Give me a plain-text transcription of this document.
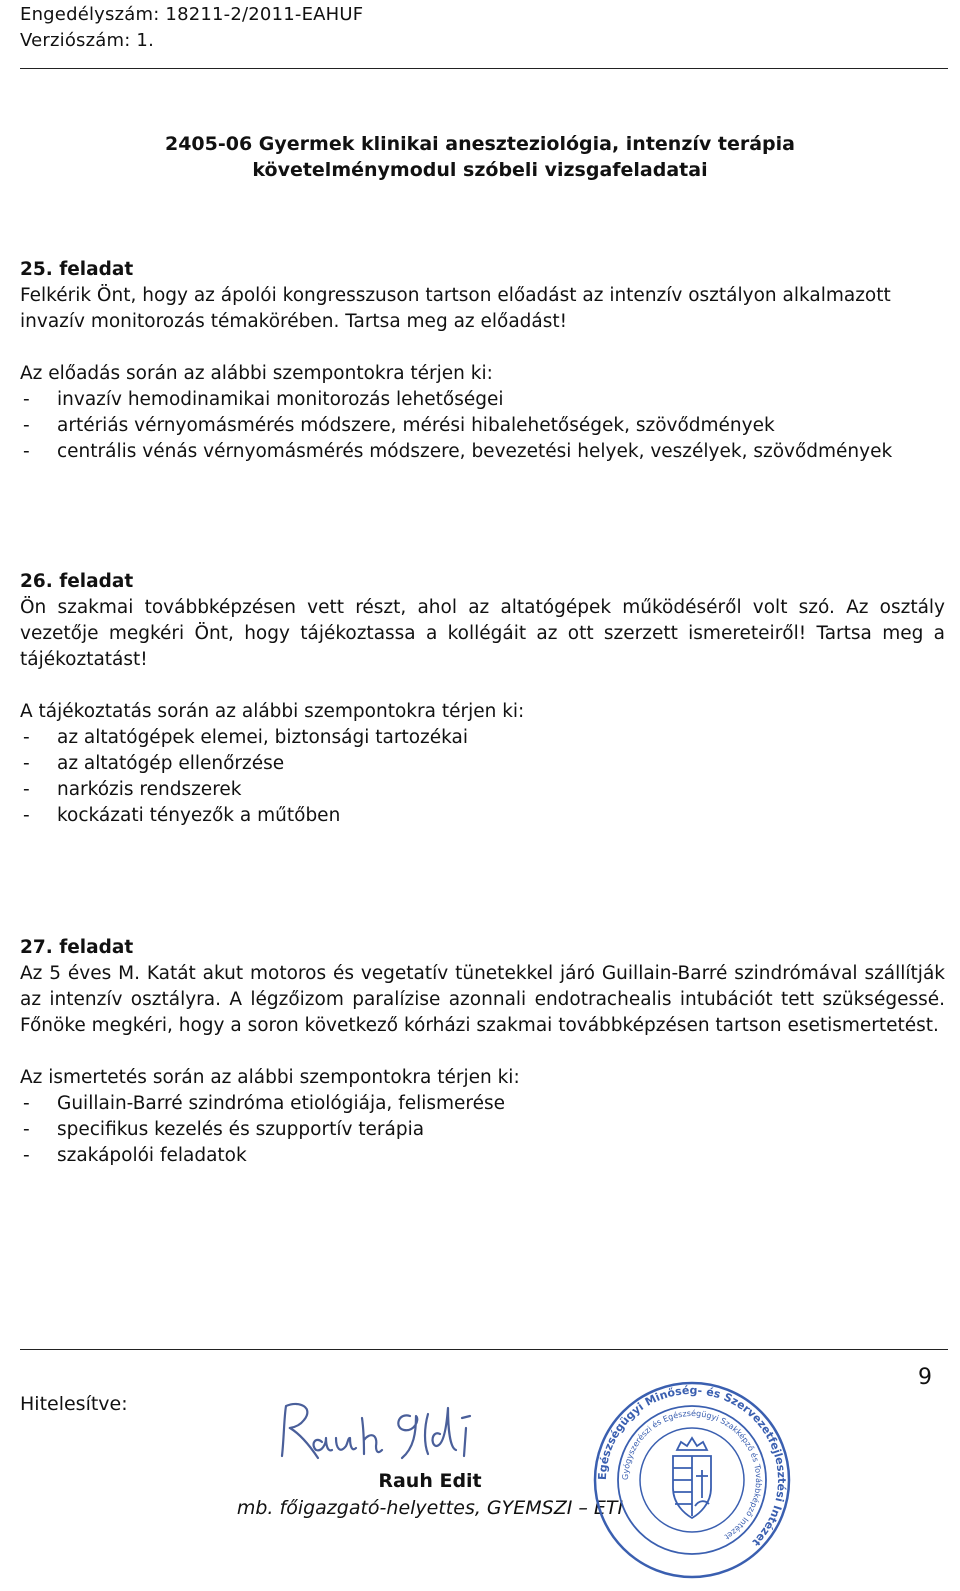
Engedélyszám: 18211-2/2011-EAHUF
Verziószám: 1.
2405-06 Gyermek klinikai aneszteziológia, intenzív terápia
követelménymodul szóbeli vizsgafeladatai
25. feladat

Felkérik Önt, hogy az ápolói kongresszuson tartson előadást az intenzív osztályon alkalmazott invazív monitorozás témakörében. Tartsa meg az előadást!

Az előadás során az alábbi szempontokra térjen ki:
- invazív hemodinamikai monitorozás lehetőségei
- artériás vérnyomásmérés módszere, mérési hibalehetőségek, szövődmények
- centrális vénás vérnyomásmérés módszere, bevezetési helyek, veszélyek, szövődmények
26. feladat

Ön szakmai továbbképzésen vett részt, ahol az altatógépek működéséről volt szó. Az osztály vezetője megkéri Önt, hogy tájékoztassa a kollégáit az ott szerzett ismereteiről! Tartsa meg a tájékoztatást!

A tájékoztatás során az alábbi szempontokra térjen ki:
- az altatógépek elemei, biztonsági tartozékai
- az altatógép ellenőrzése
- narkózis rendszerek
- kockázati tényezők a műtőben
27. feladat

Az 5 éves M. Katát akut motoros és vegetatív tünetekkel járó Guillain-Barré szindrómával szállítják az intenzív osztályra. A légzőizom paralízise azonnali endotrachealis intubációt tett szükségessé. Főnöke megkéri, hogy a soron következő kórházi szakmai továbbképzésen tartson esetismertetést.

Az ismertetés során az alábbi szempontokra térjen ki:
- Guillain-Barré szindróma etiológiája, felismerése
- specifikus kezelés és szupportív terápia
- szakápolói feladatok
9
Hitelesítve:
Rauh Edit
mb. főigazgató-helyettes, GYEMSZI – ETI
Egészségügyi Minőség- és Szervezetfejlesztési Intézet
Gyógyszerészi és Egészségügyi Szakképző és Továbbképző Intézet
